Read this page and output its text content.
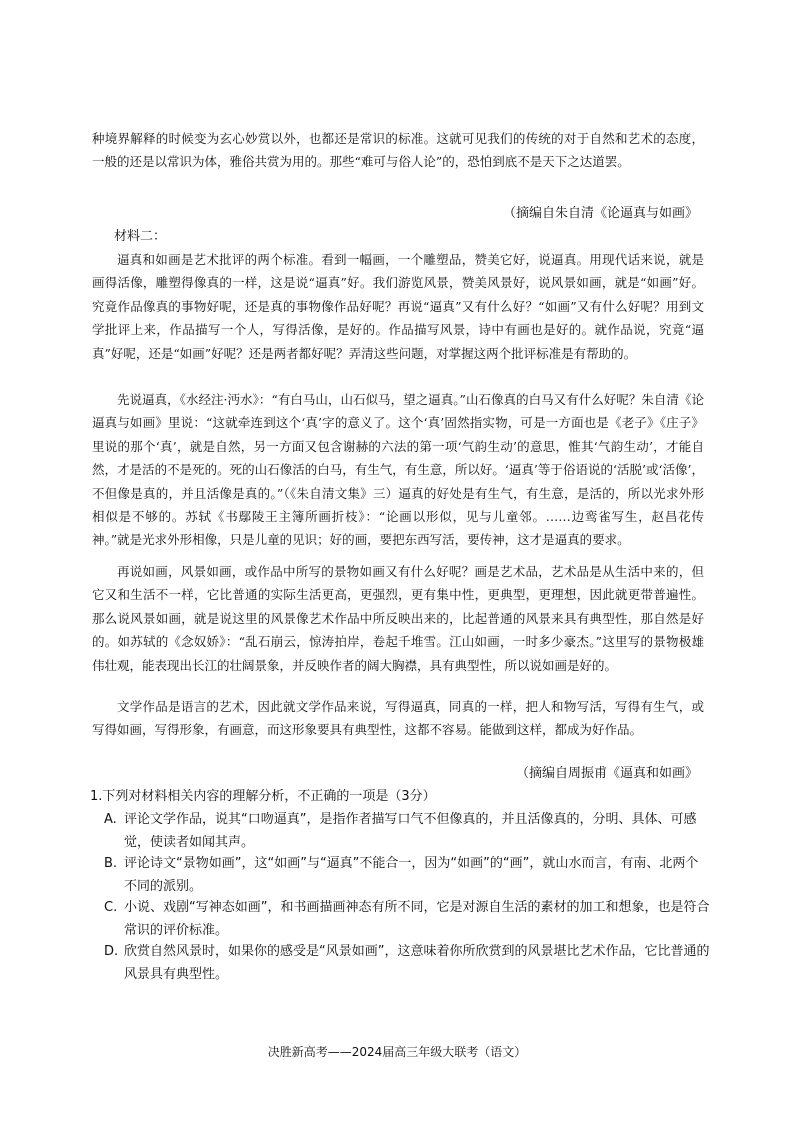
种境界解释的时候变为玄心妙赏以外，也都还是常识的标准。这就可见我们的传统的对于自然和艺术的态度，一般的还是以常识为体，雅俗共赏为用的。那些“难可与俗人论”的，恐怕到底不是天下之达道罢。

（摘编自朱自清《论逼真与如画》

材料二：

逼真和如画是艺术批评的两个标准。看到一幅画，一个雕塑品，赞美它好，说逼真。用现代话来说，就是画得活像，雕塑得像真的一样，这是说“逼真”好。我们游览风景，赞美风景好，说风景如画，就是“如画”好。究竟作品像真的事物好呢，还是真的事物像作品好呢？再说“逼真”又有什么好？“如画”又有什么好呢？用到文学批评上来，作品描写一个人，写得活像，是好的。作品描写风景，诗中有画也是好的。就作品说，究竟“逼真”好呢，还是“如画”好呢？还是两者都好呢？弄清这些问题，对掌握这两个批评标准是有帮助的。

先说逼真，《水经注·沔水》：“有白马山，山石似马，望之逼真。”山石像真的白马又有什么好呢？朱自清《论逼真与如画》里说：“这就牵连到这个‘真’字的意义了。这个‘真’固然指实物，可是一方面也是《老子》《庄子》里说的那个‘真’，就是自然，另一方面又包含谢赫的六法的第一项‘气韵生动’的意思，惟其‘气韵生动’，才能自然，才是活的不是死的。死的山石像活的白马，有生气，有生意，所以好。‘逼真’等于俗语说的‘活脱’或‘活像’，不但像是真的，并且活像是真的。”（《朱自清文集》三）逼真的好处是有生气，有生意，是活的，所以光求外形相似是不够的。苏轼《书鄢陵王主簿所画折枝》：“论画以形似，见与儿童邻。……边鸾雀写生，赵昌花传神。”就是光求外形相像，只是儿童的见识；好的画，要把东西写活，要传神，这才是逼真的要求。

再说如画，风景如画，或作品中所写的景物如画又有什么好呢？画是艺术品，艺术品是从生活中来的，但它又和生活不一样，它比普通的实际生活更高，更强烈，更有集中性，更典型，更理想，因此就更带普遍性。那么说风景如画，就是说这里的风景像艺术作品中所反映出来的，比起普通的风景来具有典型性，那自然是好的。如苏轼的《念奴娇》：“乱石崩云，惊涛拍岸，卷起千堆雪。江山如画，一时多少豪杰。”这里写的景物极雄伟壮观，能表现出长江的壮阔景象，并反映作者的阔大胸襟，具有典型性，所以说如画是好的。

文学作品是语言的艺术，因此就文学作品来说，写得逼真，同真的一样，把人和物写活，写得有生气，或写得如画，写得形象，有画意，而这形象要具有典型性，这都不容易。能做到这样，都成为好作品。

（摘编自周振甫《逼真和如画》

1.下列对材料相关内容的理解分析，不正确的一项是（3分）

A. 评论文学作品，说其“口吻逼真”，是指作者描写口气不但像真的，并且活像真的，分明、具体、可感觉，使读者如闻其声。
B. 评论诗文“景物如画”，这“如画”与“逼真”不能合一，因为“如画”的“画”，就山水而言，有南、北两个不同的派别。
C. 小说、戏剧“写神态如画”，和书画描画神态有所不同，它是对源自生活的素材的加工和想象，也是符合常识的评价标准。
D. 欣赏自然风景时，如果你的感受是“风景如画”，这意味着你所欣赏到的风景堪比艺术作品，它比普通的风景具有典型性。

决胜新高考——2024届高三年级大联考（语文）
